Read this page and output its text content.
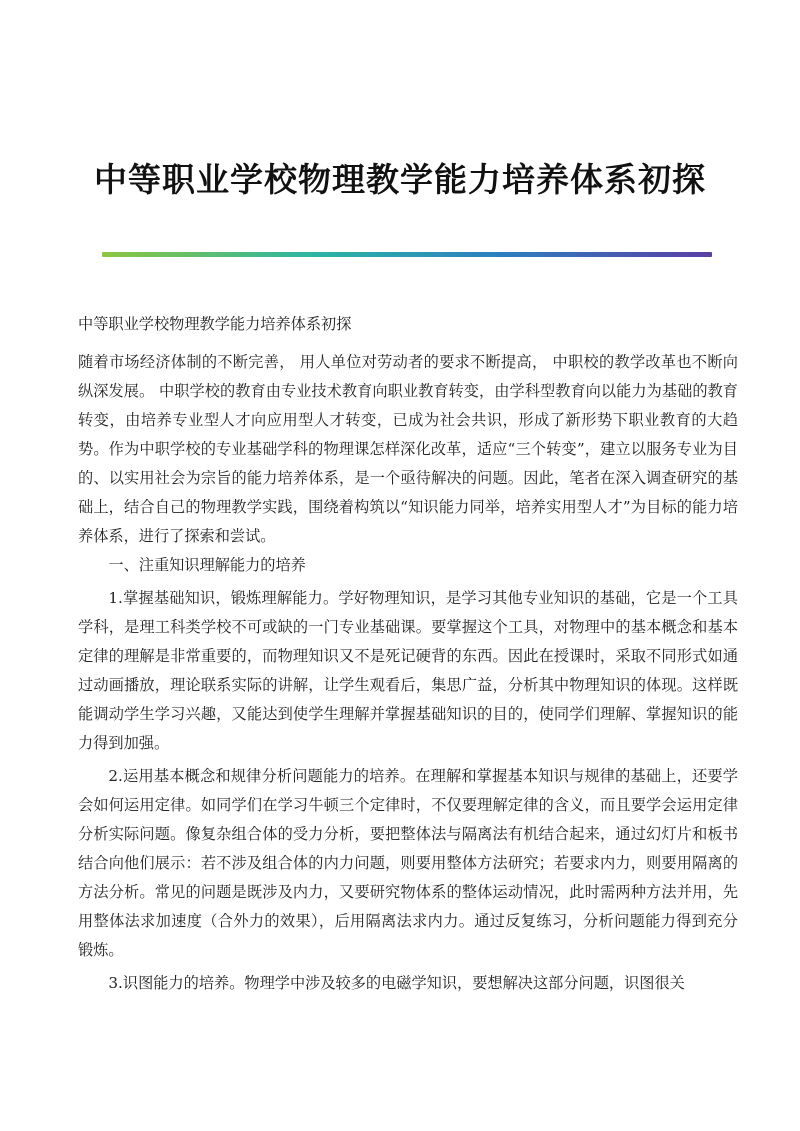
中等职业学校物理教学能力培养体系初探

中等职业学校物理教学能力培养体系初探

随着市场经济体制的不断完善， 用人单位对劳动者的要求不断提高， 中职校的教学改革也不断向纵深发展。 中职学校的教育由专业技术教育向职业教育转变，由学科型教育向以能力为基础的教育转变，由培养专业型人才向应用型人才转变，已成为社会共识，形成了新形势下职业教育的大趋势。作为中职学校的专业基础学科的物理课怎样深化改革，适应“三个转变”，建立以服务专业为目的、以实用社会为宗旨的能力培养体系，是一个亟待解决的问题。因此，笔者在深入调查研究的基础上，结合自己的物理教学实践，围绕着构筑以“知识能力同举，培养实用型人才”为目标的能力培养体系，进行了探索和尝试。

一、注重知识理解能力的培养

1.掌握基础知识，锻炼理解能力。学好物理知识，是学习其他专业知识的基础，它是一个工具学科，是理工科类学校不可或缺的一门专业基础课。要掌握这个工具，对物理中的基本概念和基本定律的理解是非常重要的，而物理知识又不是死记硬背的东西。因此在授课时，采取不同形式如通过动画播放，理论联系实际的讲解，让学生观看后，集思广益，分析其中物理知识的体现。这样既能调动学生学习兴趣，又能达到使学生理解并掌握基础知识的目的，使同学们理解、掌握知识的能力得到加强。

2.运用基本概念和规律分析问题能力的培养。在理解和掌握基本知识与规律的基础上，还要学会如何运用定律。如同学们在学习牛顿三个定律时，不仅要理解定律的含义，而且要学会运用定律分析实际问题。像复杂组合体的受力分析，要把整体法与隔离法有机结合起来，通过幻灯片和板书结合向他们展示：若不涉及组合体的内力问题，则要用整体方法研究；若要求内力，则要用隔离的方法分析。常见的问题是既涉及内力，又要研究物体系的整体运动情况，此时需两种方法并用，先用整体法求加速度（合外力的效果），后用隔离法求内力。通过反复练习，分析问题能力得到充分锻炼。

3.识图能力的培养。物理学中涉及较多的电磁学知识，要想解决这部分问题，识图很关
